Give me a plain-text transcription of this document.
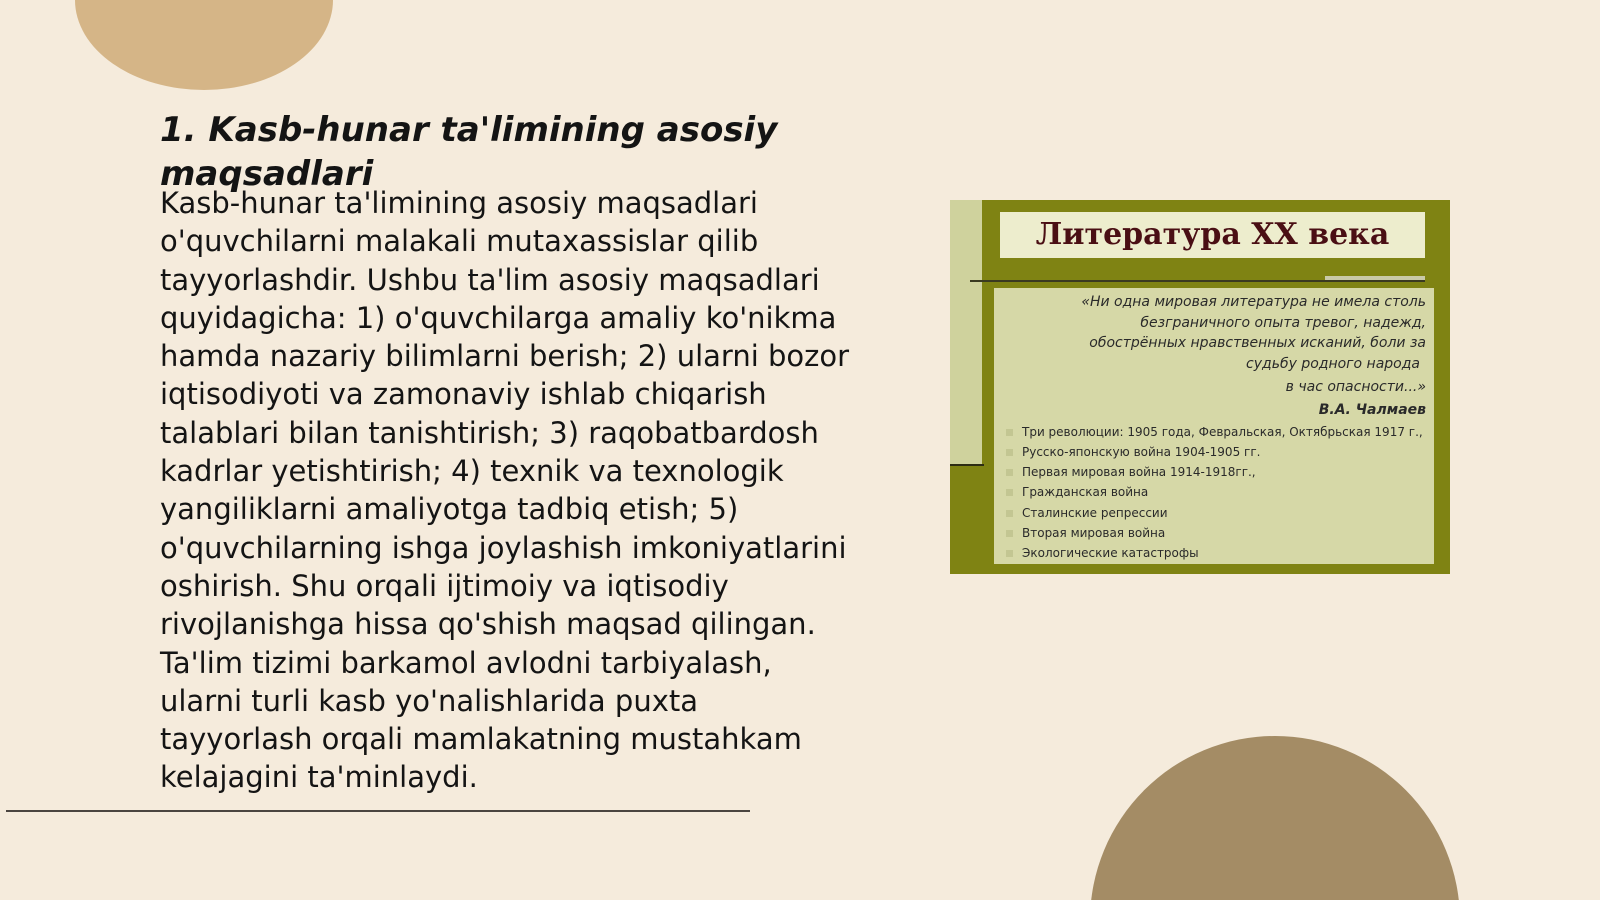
1. Kasb-hunar ta'limining asosiy maqsadlari

Kasb-hunar ta'limining asosiy maqsadlari o'quvchilarni malakali mutaxassislar qilib tayyorlashdir. Ushbu ta'lim asosiy maqsadlari quyidagicha: 1) o'quvchilarga amaliy ko'nikma hamda nazariy bilimlarni berish; 2) ularni bozor iqtisodiyoti va zamonaviy ishlab chiqarish talablari bilan tanishtirish; 3) raqobatbardosh kadrlar yetishtirish; 4) texnik va texnologik yangiliklarni amaliyotga tadbiq etish; 5) o'quvchilarning ishga joylashish imkoniyatlarini oshirish. Shu orqali ijtimoiy va iqtisodiy rivojlanishga hissa qo'shish maqsad qilingan. Ta'lim tizimi barkamol avlodni tarbiyalash, ularni turli kasb yo'nalishlarida puxta tayyorlash orqali mamlakatning mustahkam kelajagini ta'minlaydi.

Литература XX века
«Ни одна мировая литература не имела столь
безграничного опыта тревог, надежд,
обострённых нравственных исканий, боли за
судьбу родного народа
в час опасности...»
В.А. Чалмаев
Три революции: 1905 года, Февральская, Октябрьская 1917 г.,
Русско-японскую война 1904-1905 гг.
Первая мировая война 1914-1918гг.,
Гражданская война
Сталинские репрессии
Вторая мировая война
Экологические катастрофы
